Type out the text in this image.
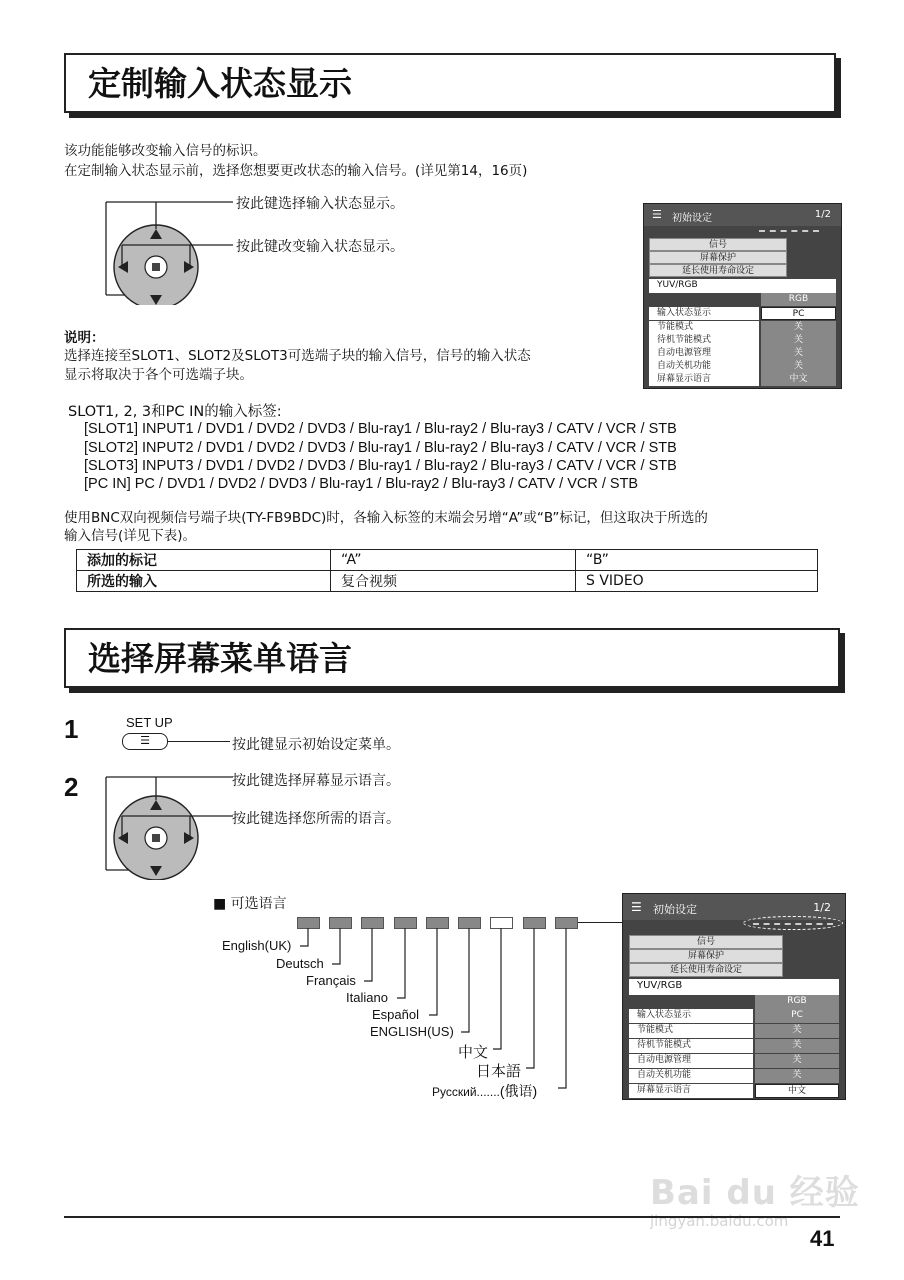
定制输入状态显示
该功能能够改变输入信号的标识。
在定制输入状态显示前，选择您想要更改状态的输入信号。(详见第14，16页)
按此键选择输入状态显示。
按此键改变输入状态显示。
说明：
选择连接至SLOT1、SLOT2及SLOT3可选端子块的输入信号，信号的输入状态
显示将取决于各个可选端子块。
☰ 初始设定	1/2
信号
屏幕保护
延长使用寿命设定
YUV/RGB
RGB
输入状态显示	PC
节能模式	关
待机节能模式	关
自动电源管理	关
自动关机功能	关
屏幕显示语言	中文
SLOT1, 2, 3和PC IN的输入标签:
[SLOT1] INPUT1 / DVD1 / DVD2 / DVD3 / Blu-ray1 / Blu-ray2 / Blu-ray3 / CATV / VCR / STB
[SLOT2] INPUT2 / DVD1 / DVD2 / DVD3 / Blu-ray1 / Blu-ray2 / Blu-ray3 / CATV / VCR / STB
[SLOT3] INPUT3 / DVD1 / DVD2 / DVD3 / Blu-ray1 / Blu-ray2 / Blu-ray3 / CATV / VCR / STB
[PC IN] PC / DVD1 / DVD2 / DVD3 / Blu-ray1 / Blu-ray2 / Blu-ray3 / CATV / VCR / STB
使用BNC双向视频信号端子块(TY-FB9BDC)时，各输入标签的末端会另增“A”或“B”标记，但这取决于所选的
输入信号(详见下表)。
添加的标记	“A”	“B”
所选的输入	复合视频	S VIDEO
选择屏幕菜单语言
1	SET UP
☰	按此键显示初始设定菜单。
2	按此键选择屏幕显示语言。
按此键选择您所需的语言。
■ 可选语言
English(UK)
Deutsch
Français
Italiano
Español
ENGLISH(US)
中文
日本語
Русский.......(俄语)
☰ 初始设定	1/2
信号
屏幕保护
延长使用寿命设定
YUV/RGB
RGB
输入状态显示	PC
节能模式	关
待机节能模式	关
自动电源管理	关
自动关机功能	关
屏幕显示语言	中文
Bai du 经验
jingyan.baidu.com
41
